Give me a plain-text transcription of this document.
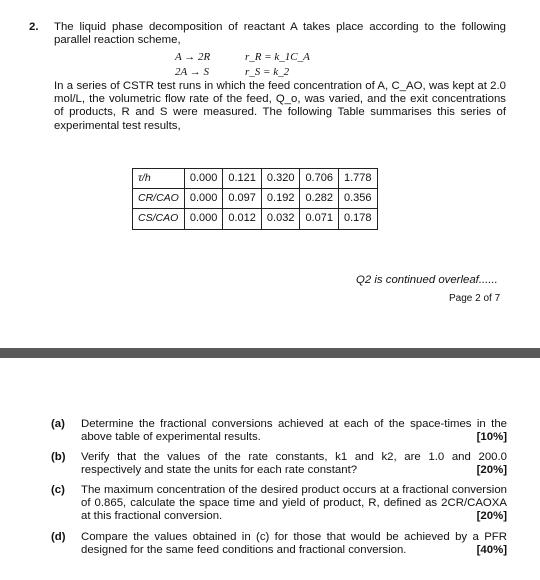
2. The liquid phase decomposition of reactant A takes place according to the following parallel reaction scheme,
A → 2R	r_R = k_1C_A
2A → S	r_S = k_2
In a series of CSTR test runs in which the feed concentration of A, C_AO, was kept at 2.0 mol/L, the volumetric flow rate of the feed, Q_o, was varied, and the exit concentrations of products, R and S were measured. The following Table summarises this series of experimental test results,
τ/h	0.000	0.121	0.320	0.706	1.778
CR/CAO	0.000	0.097	0.192	0.282	0.356
CS/CAO	0.000	0.012	0.032	0.071	0.178
Q2 is continued overleaf......
Page 2 of 7
(a) Determine the fractional conversions achieved at each of the space-times in the above table of experimental results.	[10%]
(b) Verify that the values of the rate constants, k1 and k2, are 1.0 and 200.0 respectively and state the units for each rate constant?	[20%]
(c) The maximum concentration of the desired product occurs at a fractional conversion of 0.865, calculate the space time and yield of product, R, defined as 2CR/CAOXA at this fractional conversion.	[20%]
(d) Compare the values obtained in (c) for those that would be achieved by a PFR designed for the same feed conditions and fractional conversion.	[40%]
